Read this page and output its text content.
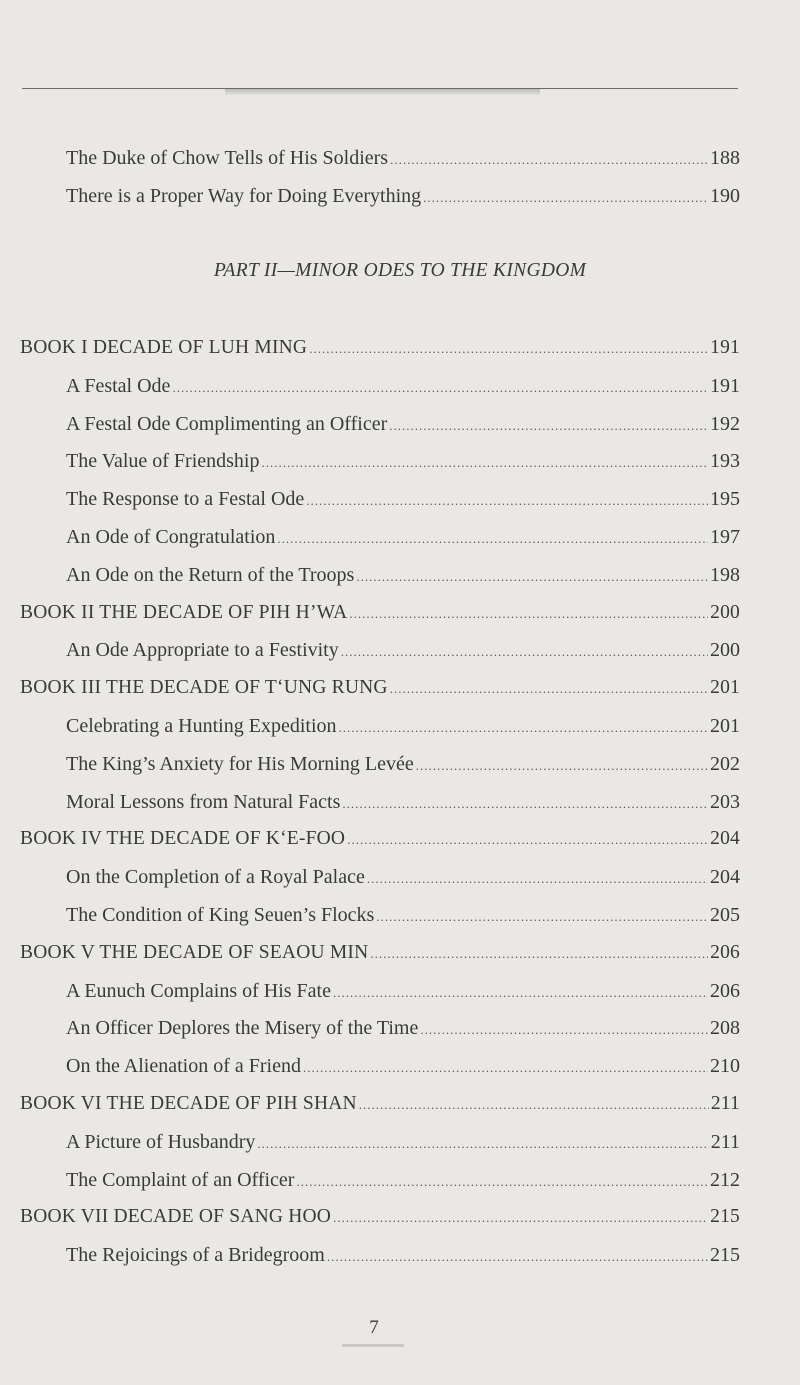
The Duke of Chow Tells of His Soldiers .....	188
There is a Proper Way for Doing Everything .....	190
PART II—MINOR ODES TO THE KINGDOM
BOOK I DECADE OF LUH MING .....	191
A Festal Ode .....	191
A Festal Ode Complimenting an Officer .....	192
The Value of Friendship .....	193
The Response to a Festal Ode .....	195
An Ode of Congratulation .....	197
An Ode on the Return of the Troops .....	198
BOOK II THE DECADE OF PIH H’WA .....	200
An Ode Appropriate to a Festivity .....	200
BOOK III THE DECADE OF T‘UNG RUNG .....	201
Celebrating a Hunting Expedition .....	201
The King’s Anxiety for His Morning Levée .....	202
Moral Lessons from Natural Facts .....	203
BOOK IV THE DECADE OF K‘E-FOO .....	204
On the Completion of a Royal Palace .....	204
The Condition of King Seuen’s Flocks .....	205
BOOK V THE DECADE OF SEAOU MIN .....	206
A Eunuch Complains of His Fate .....	206
An Officer Deplores the Misery of the Time .....	208
On the Alienation of a Friend .....	210
BOOK VI THE DECADE OF PIH SHAN .....	211
A Picture of Husbandry .....	211
The Complaint of an Officer .....	212
BOOK VII DECADE OF SANG HOO .....	215
The Rejoicings of a Bridegroom .....	215
7
